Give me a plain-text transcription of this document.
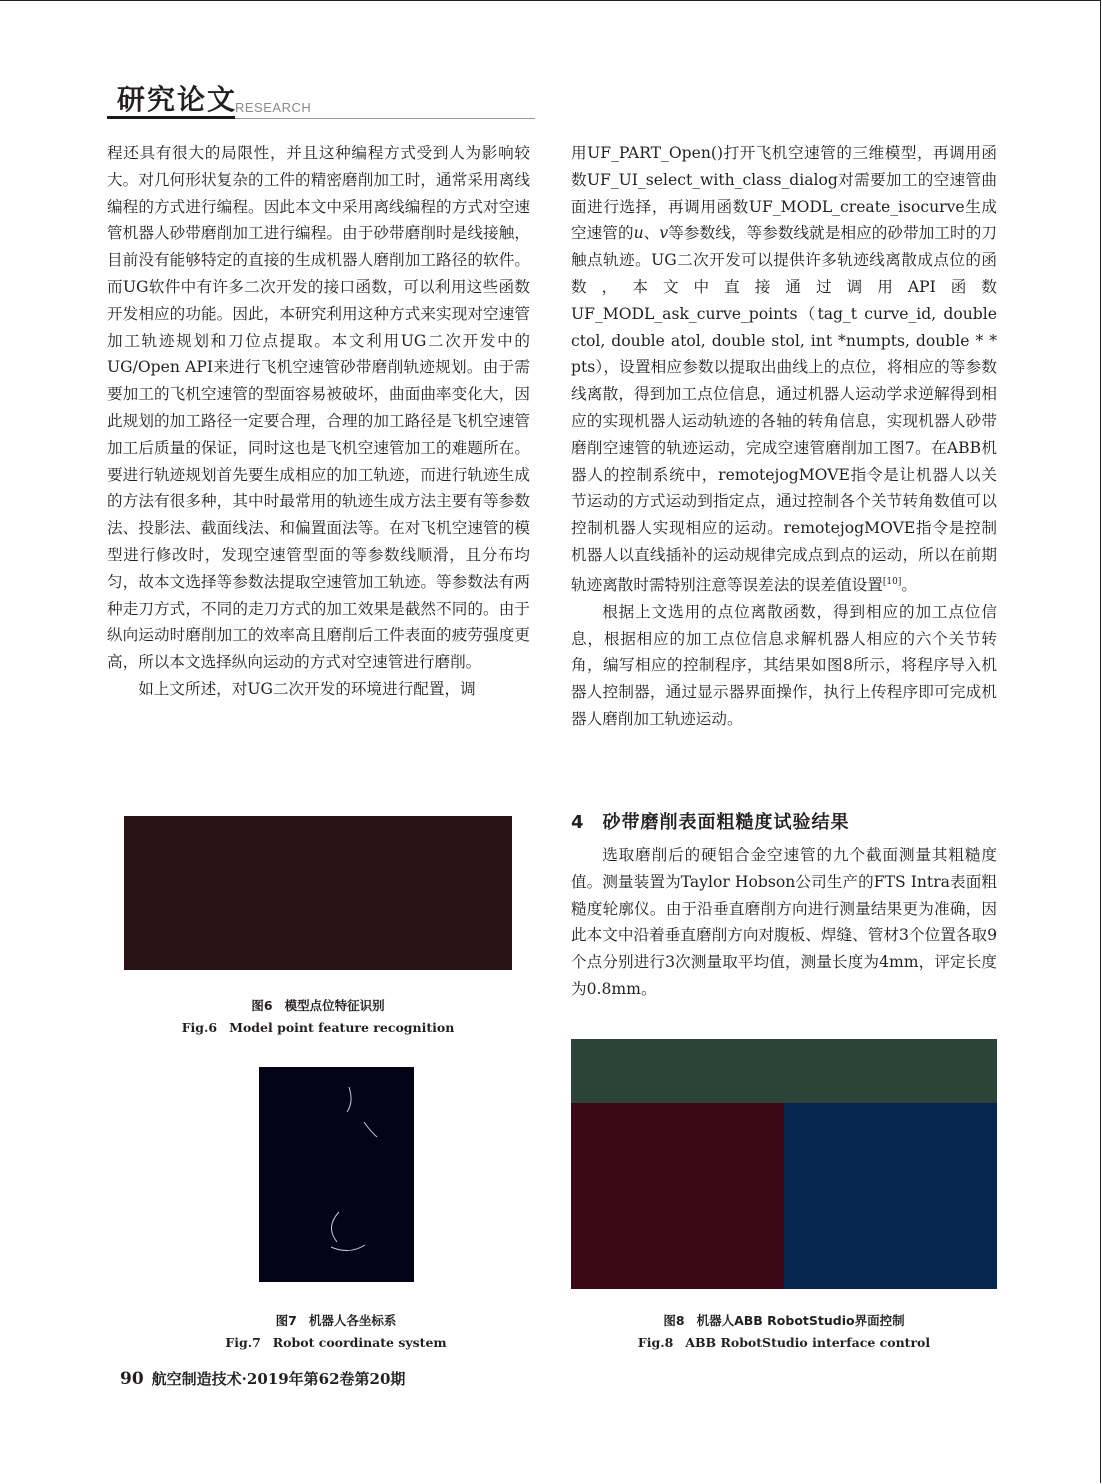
研究论文
RESEARCH

程还具有很大的局限性，并且这种编程方式受到人为影响较大。对几何形状复杂的工件的精密磨削加工时，通常采用离线编程的方式进行编程。因此本文中采用离线编程的方式对空速管机器人砂带磨削加工进行编程。由于砂带磨削时是线接触，目前没有能够特定的直接的生成机器人磨削加工路径的软件。而UG软件中有许多二次开发的接口函数，可以利用这些函数开发相应的功能。因此，本研究利用这种方式来实现对空速管加工轨迹规划和刀位点提取。本文利用UG二次开发中的UG/Open API来进行飞机空速管砂带磨削轨迹规划。由于需要加工的飞机空速管的型面容易被破坏，曲面曲率变化大，因此规划的加工路径一定要合理，合理的加工路径是飞机空速管加工后质量的保证，同时这也是飞机空速管加工的难题所在。要进行轨迹规划首先要生成相应的加工轨迹，而进行轨迹生成的方法有很多种，其中时最常用的轨迹生成方法主要有等参数法、投影法、截面线法、和偏置面法等。在对飞机空速管的模型进行修改时，发现空速管型面的等参数线顺滑，且分布均匀，故本文选择等参数法提取空速管加工轨迹。等参数法有两种走刀方式，不同的走刀方式的加工效果是截然不同的。由于纵向运动时磨削加工的效率高且磨削后工件表面的疲劳强度更高，所以本文选择纵向运动的方式对空速管进行磨削。

如上文所述，对UG二次开发的环境进行配置，调

图6 模型点位特征识别
Fig.6 Model point feature recognition
图7 机器人各坐标系
Fig.7 Robot coordinate system

用UF_PART_Open()打开飞机空速管的三维模型，再调用函数UF_UI_select_with_class_dialog对需要加工的空速管曲面进行选择，再调用函数UF_MODL_create_isocurve生成空速管的u、v等参数线，等参数线就是相应的砂带加工时的刀触点轨迹。UG二次开发可以提供许多轨迹线离散成点位的函数，本文中直接通过调用API函数UF_MODL_ask_curve_points（tag_t curve_id, double ctol, double atol, double stol, int *numpts, double * * pts），设置相应参数以提取出曲线上的点位，将相应的等参数线离散，得到加工点位信息，通过机器人运动学求逆解得到相应的实现机器人运动轨迹的各轴的转角信息，实现机器人砂带磨削空速管的轨迹运动，完成空速管磨削加工图7。在ABB机器人的控制系统中，remotejogMOVE指令是让机器人以关节运动的方式运动到指定点，通过控制各个关节转角数值可以控制机器人实现相应的运动。remotejogMOVE指令是控制机器人以直线插补的运动规律完成点到点的运动，所以在前期轨迹离散时需特别注意等误差法的误差值设置[10]。

根据上文选用的点位离散函数，得到相应的加工点位信息，根据相应的加工点位信息求解机器人相应的六个关节转角，编写相应的控制程序，其结果如图8所示，将程序导入机器人控制器，通过显示器界面操作，执行上传程序即可完成机器人磨削加工轨迹运动。

4 砂带磨削表面粗糙度试验结果

选取磨削后的硬铝合金空速管的九个截面测量其粗糙度值。测量装置为Taylor Hobson公司生产的FTS Intra表面粗糙度轮廓仪。由于沿垂直磨削方向进行测量结果更为准确，因此本文中沿着垂直磨削方向对腹板、焊缝、管材3个位置各取9个点分别进行3次测量取平均值，测量长度为4mm，评定长度为0.8mm。

图8 机器人ABB RobotStudio界面控制
Fig.8 ABB RobotStudio interface control
90 航空制造技术·2019年第62卷第20期
